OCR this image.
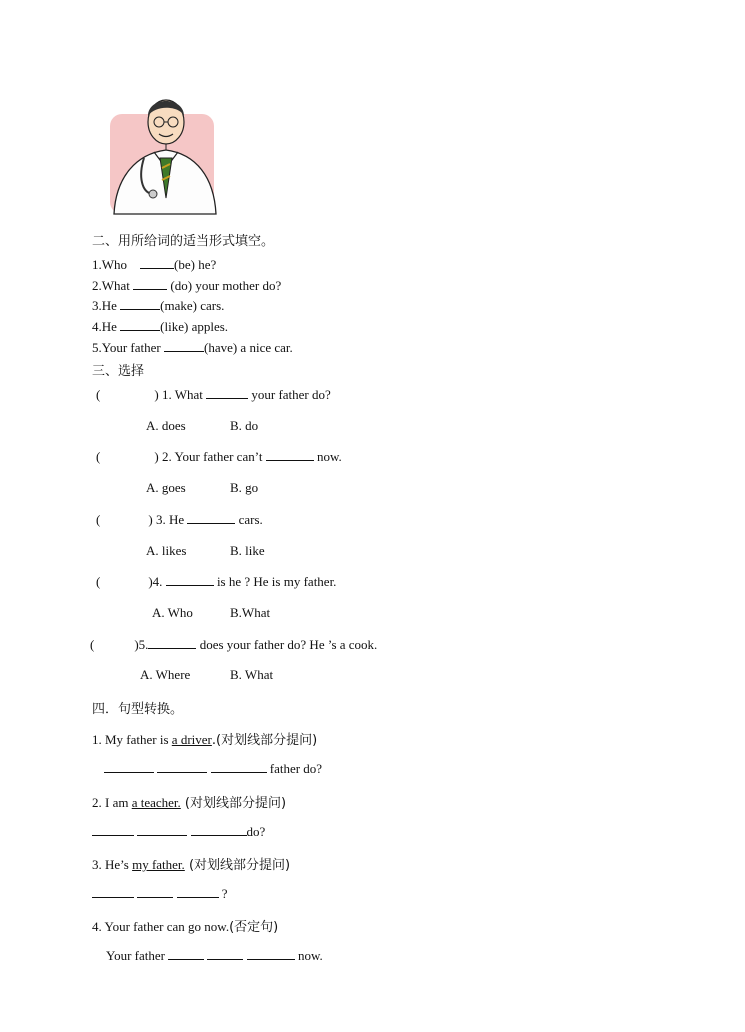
二、用所给词的适当形式填空。
1.Who	(be) he?
2.What	(do) your mother do?
3.He	(make) cars.
4.He	(like) apples.
5.Your father	(have) a nice car.
三、选择
(	) 1. What	your father do?
A. does	B. do
(	) 2. Your father can’t	now.
A. goes	B. go
(	) 3. He	cars.
A. likes	B. like
(	)4.	is he ? He is my father.
A. Who	B.What
(	)5.	does your father do? He ’s a cook.
A. Where	B. What
四．句型转换。
1. My father is a driver.(对划线部分提问)
father do?
2. I am a teacher. (对划线部分提问)
do?
3. He’s my father. (对划线部分提问)
?
4. Your father can go now.(否定句)
Your father	now.
